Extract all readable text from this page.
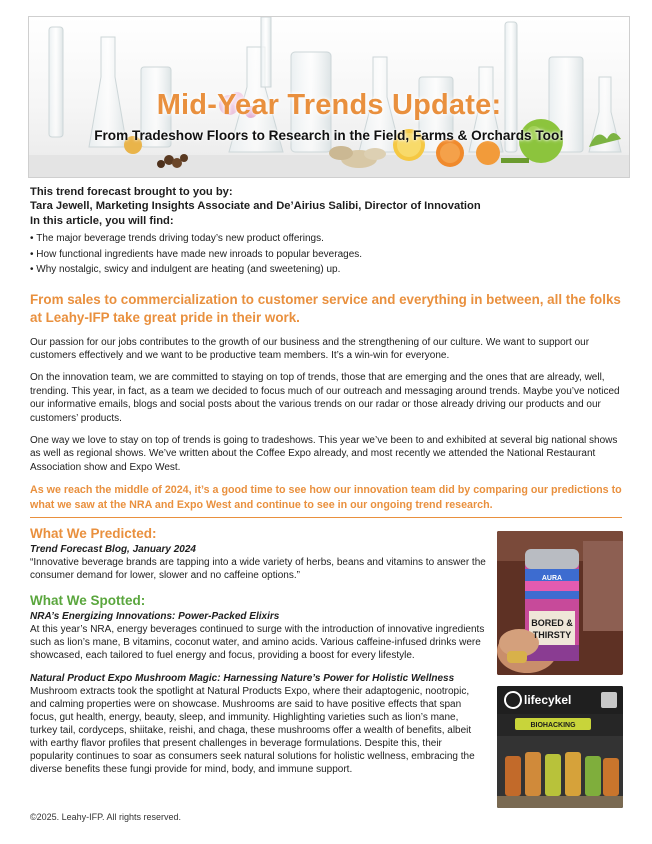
Mid-Year Trends Update:
From Tradeshow Floors to Research in the Field, Farms & Orchards Too!

This trend forecast brought to you by:

Tara Jewell, Marketing Insights Associate and De’Airius Salibi, Director of Innovation

In this article, you will find:

• The major beverage trends driving today’s new product offerings.
• How functional ingredients have made new inroads to popular beverages.
• Why nostalgic, swicy and indulgent are heating (and sweetening) up.

From sales to commercialization to customer service and everything in between, all the folks at Leahy-IFP take great pride in their work.

Our passion for our jobs contributes to the growth of our business and the strengthening of our culture. We want to support our customers effectively and we want to be productive team members. It’s a win-win for everyone.

On the innovation team, we are committed to staying on top of trends, those that are emerging and the ones that are already, well, trending. This year, in fact, as a team we decided to focus much of our outreach and messaging around trends. Maybe you’ve noticed our informative emails, blogs and social posts about the various trends on our radar or those already driving our products and our customers’ products.

One way we love to stay on top of trends is going to tradeshows. This year we’ve been to and exhibited at several big national shows as well as regional shows. We’ve written about the Coffee Expo already, and most recently we attended the National Restaurant Association show and Expo West.

As we reach the middle of 2024, it’s a good time to see how our innovation team did by comparing our predictions to what we saw at the NRA and Expo West and continue to see in our ongoing trend research.

What We Predicted:

Trend Forecast Blog, January 2024

“Innovative beverage brands are tapping into a wide variety of herbs, beans and vitamins to answer the consumer demand for lower, slower and no caffeine options.”

What We Spotted:

NRA’s Energizing Innovations: Power-Packed Elixirs

At this year’s NRA, energy beverages continued to surge with the introduction of innovative ingredients such as lion’s mane, B vitamins, coconut water, and amino acids. Various caffeine-infused drinks were showcased, each tailored to fuel energy and focus, providing a boost for every lifestyle.

Natural Product Expo Mushroom Magic: Harnessing Nature’s Power for Holistic Wellness

Mushroom extracts took the spotlight at Natural Products Expo, where their adaptogenic, nootropic, and calming properties were on showcase. Mushrooms are said to have positive effects that span focus, gut health, energy, beauty, sleep, and immunity. Highlighting varieties such as lion’s mane, turkey tail, cordyceps, shiitake, reishi, and chaga, these mushrooms offer a wealth of benefits, albeit with earthy flavor profiles that present challenges in beverage formulations. Despite this, their popularity continues to soar as consumers seek natural solutions for holistic wellness, embracing the diverse benefits these fungi provide for mind, body, and immune support.

AURA
BORED &
THIRSTY
lifecykel
BIOHACKING
©2025. Leahy-IFP. All rights reserved.
